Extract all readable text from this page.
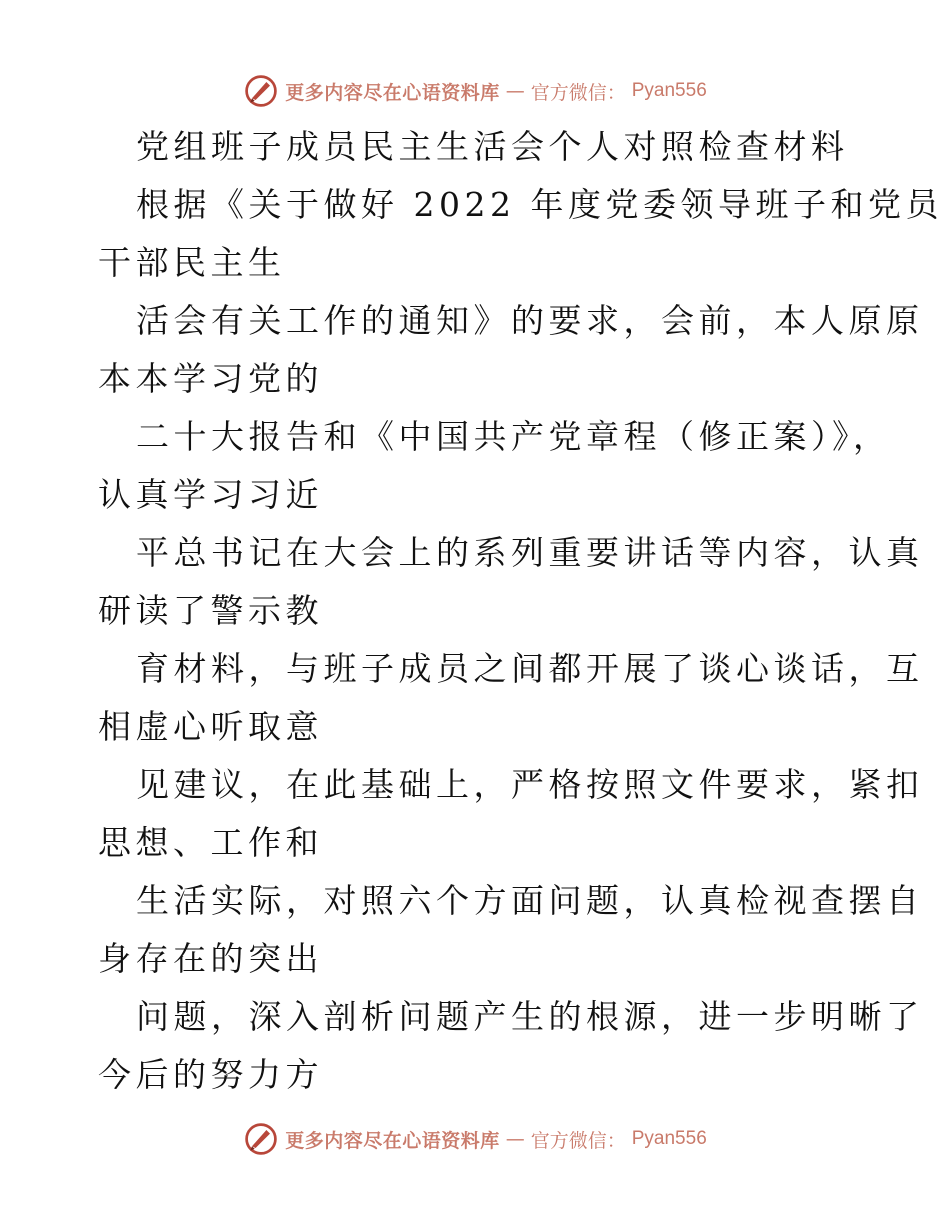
更多内容尽在心语资料库 — 官方微信： Pyan556
党组班子成员民主生活会个人对照检查材料
根据《关于做好 2022 年度党委领导班子和党员
干部民主生
活会有关工作的通知》的要求，会前，本人原原
本本学习党的
二十大报告和《中国共产党章程（修正案）》，
认真学习习近
平总书记在大会上的系列重要讲话等内容，认真
研读了警示教
育材料，与班子成员之间都开展了谈心谈话，互
相虚心听取意
见建议，在此基础上，严格按照文件要求，紧扣
思想、工作和
生活实际，对照六个方面问题，认真检视查摆自
身存在的突出
问题，深入剖析问题产生的根源，进一步明晰了
今后的努力方
更多内容尽在心语资料库 — 官方微信： Pyan556
